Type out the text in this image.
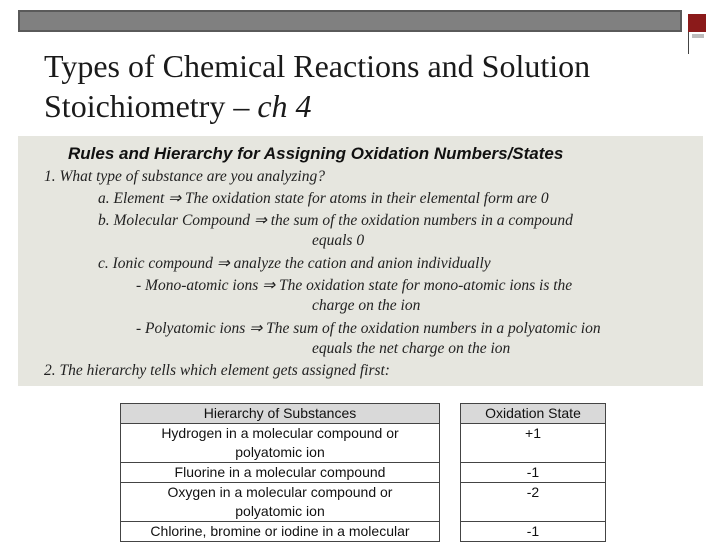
Types of Chemical Reactions and Solution
Stoichiometry – ch 4
Rules and Hierarchy for Assigning Oxidation Numbers/States
1. What type of substance are you analyzing?
a. Element ⇒ The oxidation state for atoms in their elemental form are 0
b. Molecular Compound ⇒ the sum of the oxidation numbers in a compound
equals 0
c. Ionic compound ⇒ analyze the cation and anion individually
- Mono-atomic ions ⇒ The oxidation state for mono-atomic ions is the
charge on the ion
- Polyatomic ions ⇒ The sum of the oxidation numbers in a polyatomic ion
equals the net charge on the ion
2. The hierarchy tells which element gets assigned first:
Hierarchy of Substances		Oxidation State

Hydrogen in a molecular compound or
polyatomic ion		+1
Fluorine in a molecular compound		-1

Oxygen in a molecular compound or
polyatomic ion		-2
Chlorine, bromine or iodine in a molecular		-1
